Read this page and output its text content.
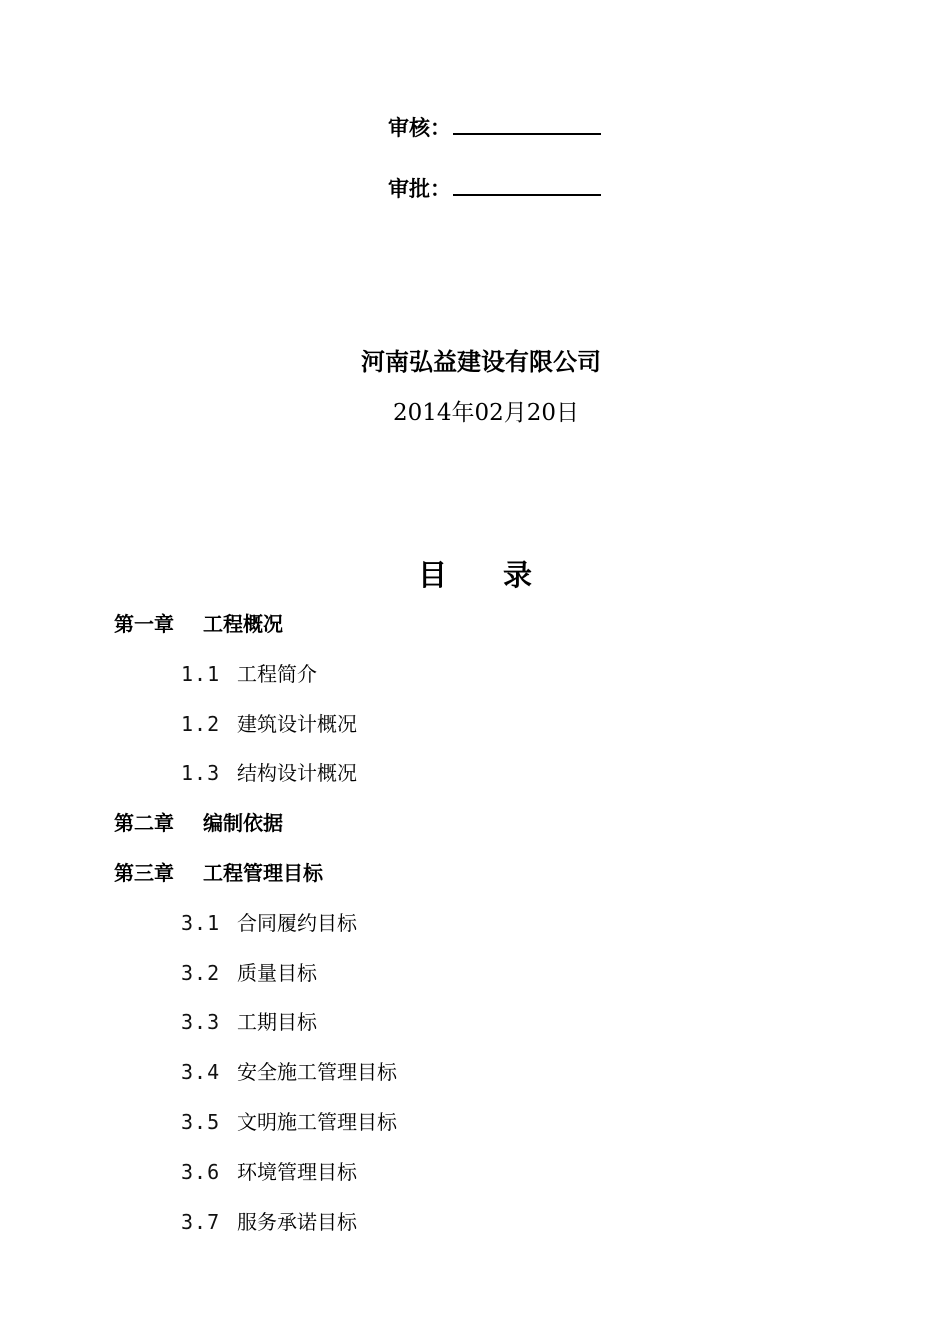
审核：
审批：
河南弘益建设有限公司
2014年02月20日
目录
第一章 工程概况
1.1 工程简介
1.2 建筑设计概况
1.3 结构设计概况
第二章 编制依据
第三章 工程管理目标
3.1 合同履约目标
3.2 质量目标
3.3 工期目标
3.4 安全施工管理目标
3.5 文明施工管理目标
3.6 环境管理目标
3.7 服务承诺目标
